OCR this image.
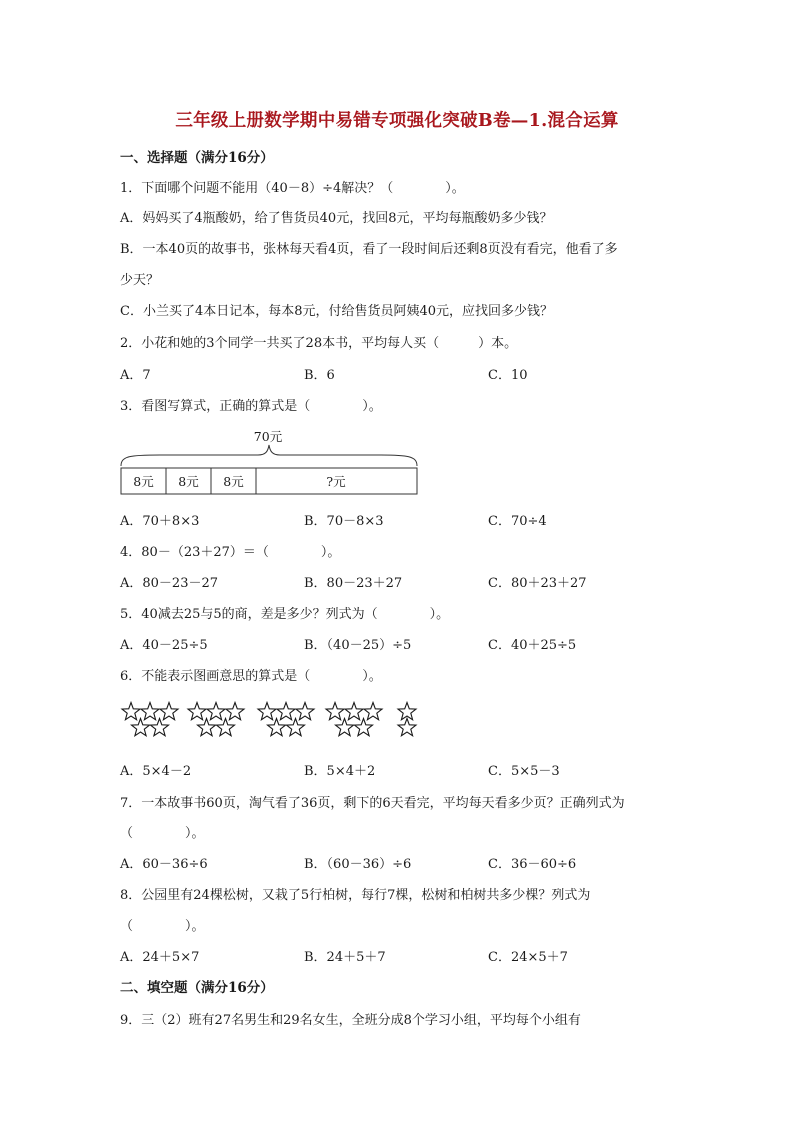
三年级上册数学期中易错专项强化突破B卷—1.混合运算
一、选择题（满分16分）
1．下面哪个问题不能用（40－8）÷4解决？（　　　　）。
A．妈妈买了4瓶酸奶，给了售货员40元，找回8元，平均每瓶酸奶多少钱？
B．一本40页的故事书，张林每天看4页，看了一段时间后还剩8页没有看完，他看了多
少天？
C．小兰买了4本日记本，每本8元，付给售货员阿姨40元，应找回多少钱？
2．小花和她的3个同学一共买了28本书，平均每人买（　　　）本。
A．7	B．6	C．10
3．看图写算式，正确的算式是（　　　　）。
70元
8元 8元 8元	?元
A．70＋8×3	B．70－8×3	C．70÷4
4．80－（23＋27）＝（　　　　）。
A．80－23－27	B．80－23＋27	C．80＋23＋27
5．40减去25与5的商，差是多少？列式为（　　　　）。
A．40－25÷5	B．（40－25）÷5	C．40＋25÷5
6．不能表示图画意思的算式是（　　　　）。
A．5×4－2	B．5×4＋2	C．5×5－3
7．一本故事书60页，淘气看了36页，剩下的6天看完，平均每天看多少页？正确列式为
（　　　　）。
A．60－36÷6	B．（60－36）÷6	C．36－60÷6
8．公园里有24棵松树，又栽了5行柏树，每行7棵，松树和柏树共多少棵？列式为
（　　　　）。
A．24＋5×7	B．24＋5＋7	C．24×5＋7
二、填空题（满分16分）
9．三（2）班有27名男生和29名女生，全班分成8个学习小组，平均每个小组有
